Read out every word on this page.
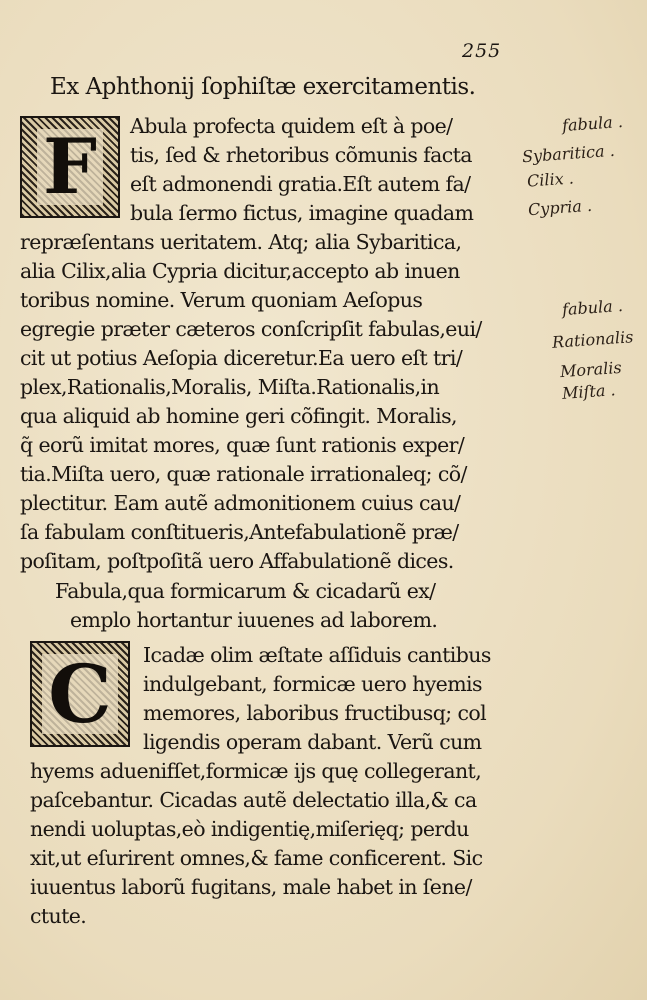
255
Ex Aphthonij ſophiſtæ exercitamentis.
F Abula profecta quidem eſt à poe/
tis, ſed & rhetoribus cõmunis facta
eſt admonendi gratia.Eſt autem fa/
bula ſermo fictus, imagine quadam
repræſentans ueritatem. Atq; alia Sybaritica,
alia Cilix,alia Cypria dicitur,accepto ab inuen
toribus nomine. Verum quoniam Aeſopus
egregie præter cæteros conſcripſit fabulas,eui/
cit ut potius Aeſopia diceretur.Ea uero eſt tri/
plex,Rationalis,Moralis, Miſta.Rationalis,in
qua aliquid ab homine geri cõfingit. Moralis,
q̃ eorũ imitat mores, quæ ſunt rationis exper/
tia.Miſta uero, quæ rationale irrationaleq; cõ/
plectitur. Eam autẽ admonitionem cuius cau/
ſa fabulam conſtitueris,Antefabulationẽ præ/
poſitam, poſtpoſitã uero Affabulationẽ dices.
Fabula,qua formicarum & cicadarũ ex/
emplo hortantur iuuenes ad laborem.
C Icadæ olim æſtate aſſiduis cantibus
indulgebant, formicæ uero hyemis
memores, laboribus fructibusq; col
ligendis operam dabant. Verũ cum
hyems aduenifſet,formicæ ijs quę collegerant,
paſcebantur. Cicadas autẽ delectatio illa,& ca
nendi uoluptas,eò indigentię,miſerięq; perdu
xit,ut eſurirent omnes,& fame conficerent. Sic
iuuentus laborũ fugitans, male habet in ſene/
ctute.
fabula .
Sybaritica .
Cilix .
Cypria .
fabula .
Rationalis
Moralis
Miſta .
